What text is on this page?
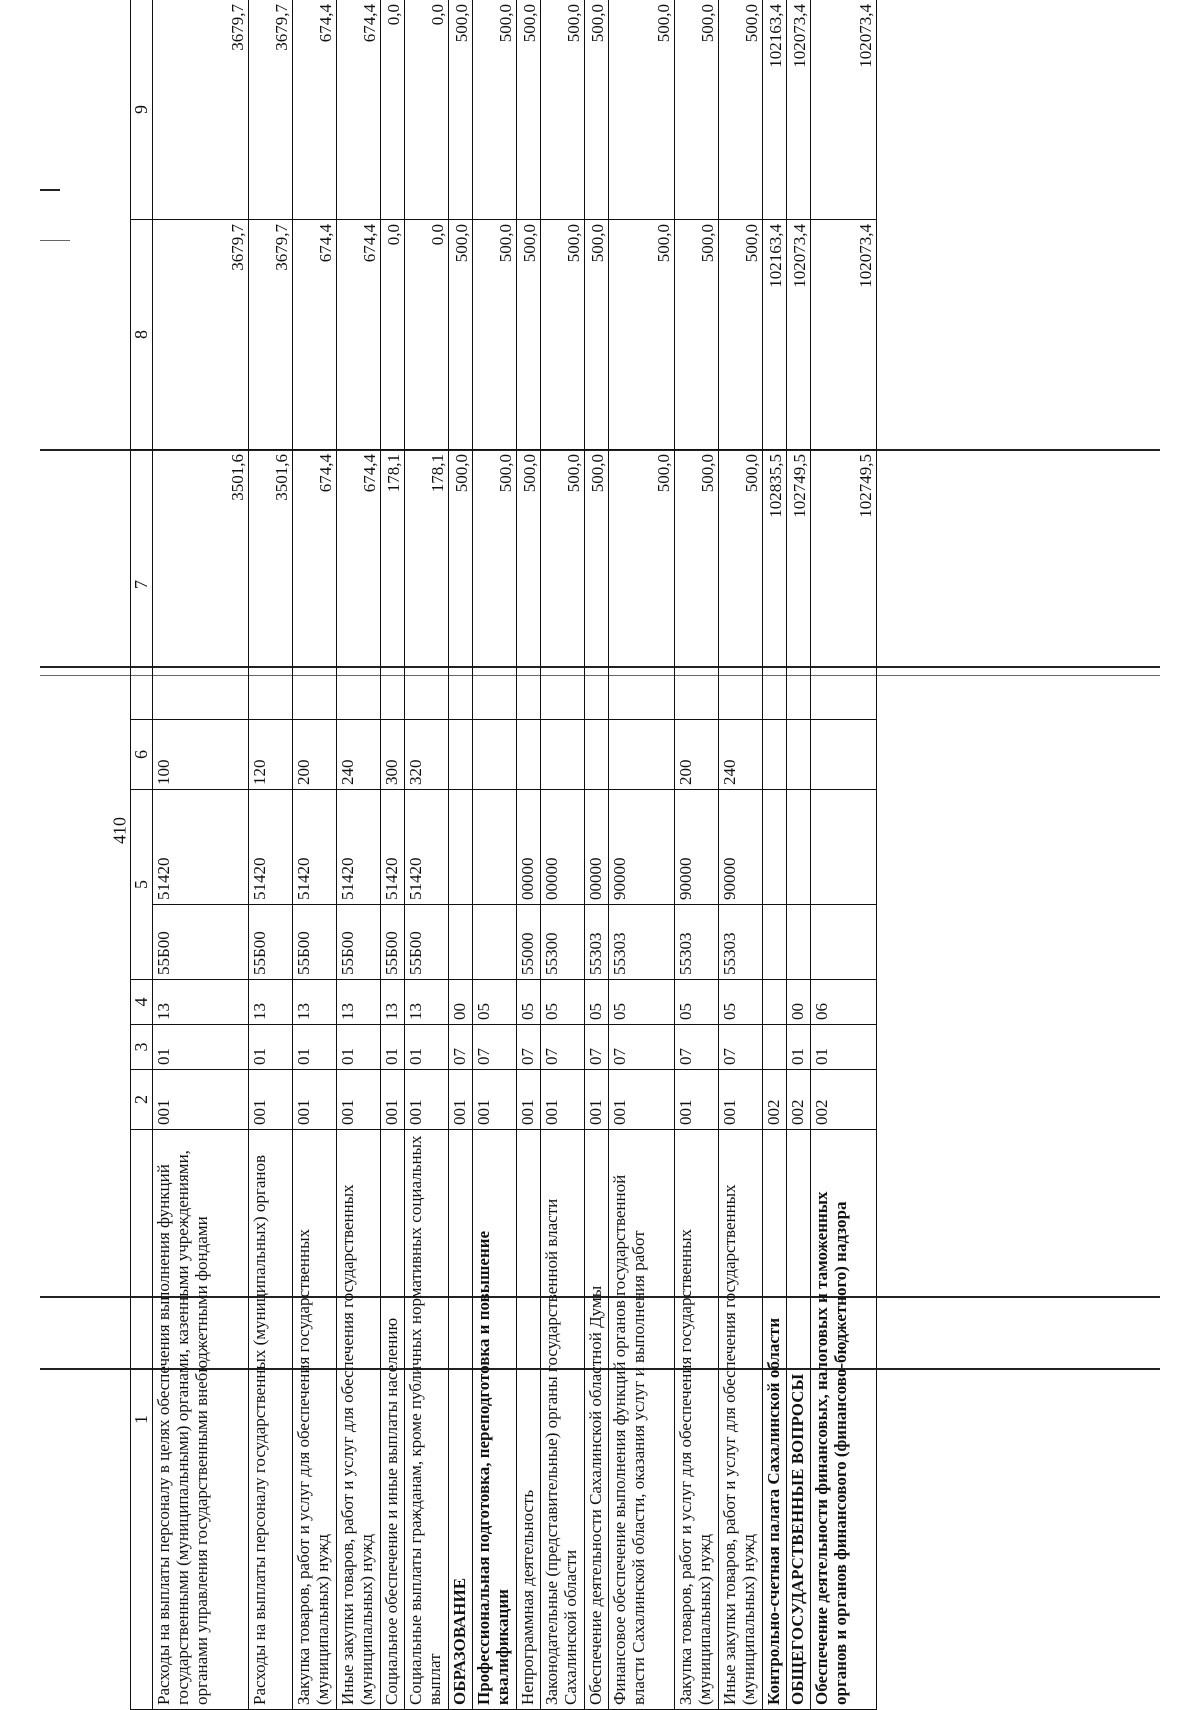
410
1	2	3	4	5		6	7	8	9
Расходы на выплаты персоналу в целях обеспечения выполнения функций государственными (муниципальными) органами, казенными учреждениями, органами управления государственными внебюджетными фондами	001	01	13	55Б00	51420	100	3501,6	3679,7	3679,7
Расходы на выплаты персоналу государственных (муниципальных) органов	001	01	13	55Б00	51420	120	3501,6	3679,7	3679,7
Закупка товаров, работ и услуг для обеспечения государственных (муниципальных) нужд	001	01	13	55Б00	51420	200	674,4	674,4	674,4
Иные закупки товаров, работ и услуг для обеспечения государственных (муниципальных) нужд	001	01	13	55Б00	51420	240	674,4	674,4	674,4
Социальное обеспечение и иные выплаты населению	001	01	13	55Б00	51420	300	178,1	0,0	0,0
Социальные выплаты гражданам, кроме публичных нормативных социальных выплат	001	01	13	55Б00	51420	320	178,1	0,0	0,0
ОБРАЗОВАНИЕ	001	07	00				500,0	500,0	500,0
Профессиональная подготовка, переподготовка и повышение квалификации	001	07	05				500,0	500,0	500,0
Непрограммная деятельность	001	07	05	55000	00000		500,0	500,0	500,0
Законодательные (представительные) органы государственной власти Сахалинской области	001	07	05	55300	00000		500,0	500,0	500,0
Обеспечение деятельности Сахалинской областной Думы	001	07	05	55303	00000		500,0	500,0	500,0
Финансовое обеспечение выполнения функций органов государственной власти Сахалинской области, оказания услуг и выполнения работ	001	07	05	55303	90000		500,0	500,0	500,0
Закупка товаров, работ и услуг для обеспечения государственных (муниципальных) нужд	001	07	05	55303	90000	200	500,0	500,0	500,0
Иные закупки товаров, работ и услуг для обеспечения государственных (муниципальных) нужд	001	07	05	55303	90000	240	500,0	500,0	500,0
Контрольно-счетная палата Сахалинской области	002						102835,5	102163,4	102163,4
ОБЩЕГОСУДАРСТВЕННЫЕ ВОПРОСЫ	002	01	00				102749,5	102073,4	102073,4
Обеспечение деятельности финансовых, налоговых и таможенных органов и органов финансового (финансово-бюджетного) надзора	002	01	06				102749,5	102073,4	102073,4
